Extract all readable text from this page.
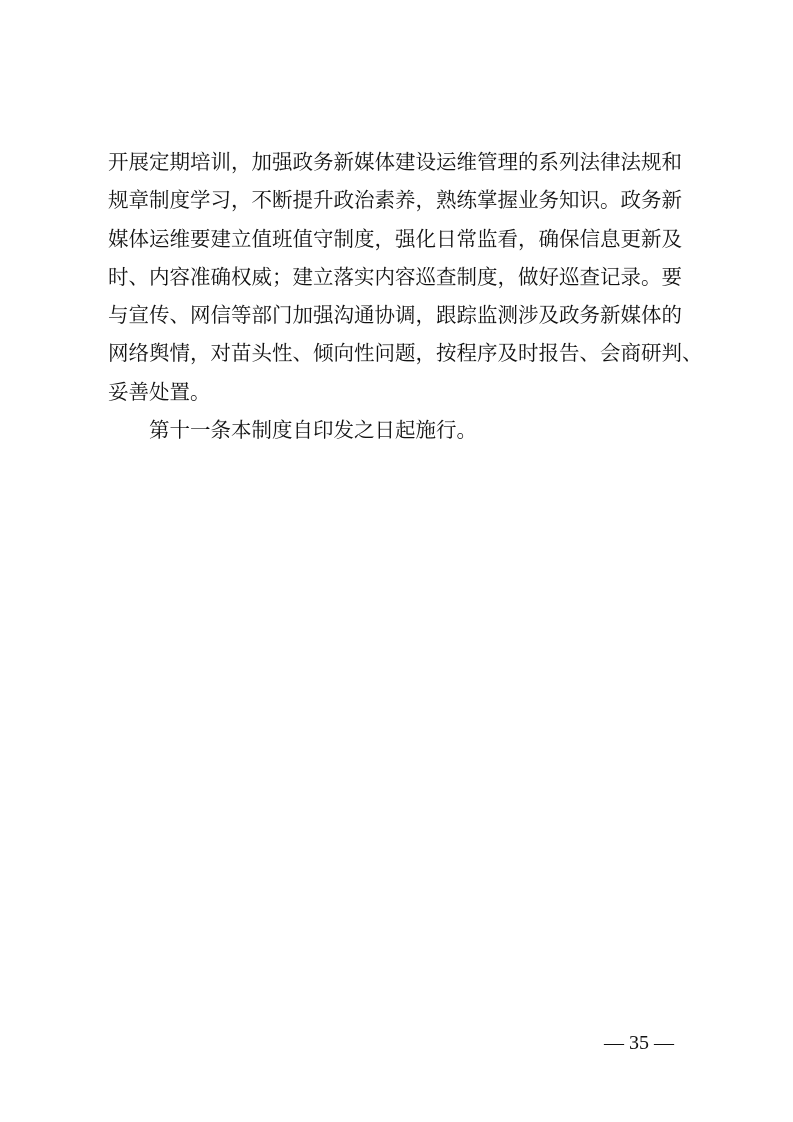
开展定期培训，加强政务新媒体建设运维管理的系列法律法规和
规章制度学习，不断提升政治素养，熟练掌握业务知识。政务新
媒体运维要建立值班值守制度，强化日常监看，确保信息更新及
时、内容准确权威；建立落实内容巡查制度，做好巡查记录。要
与宣传、网信等部门加强沟通协调，跟踪监测涉及政务新媒体的
网络舆情，对苗头性、倾向性问题，按程序及时报告、会商研判、
妥善处置。
第十一条本制度自印发之日起施行。
— 35 —
